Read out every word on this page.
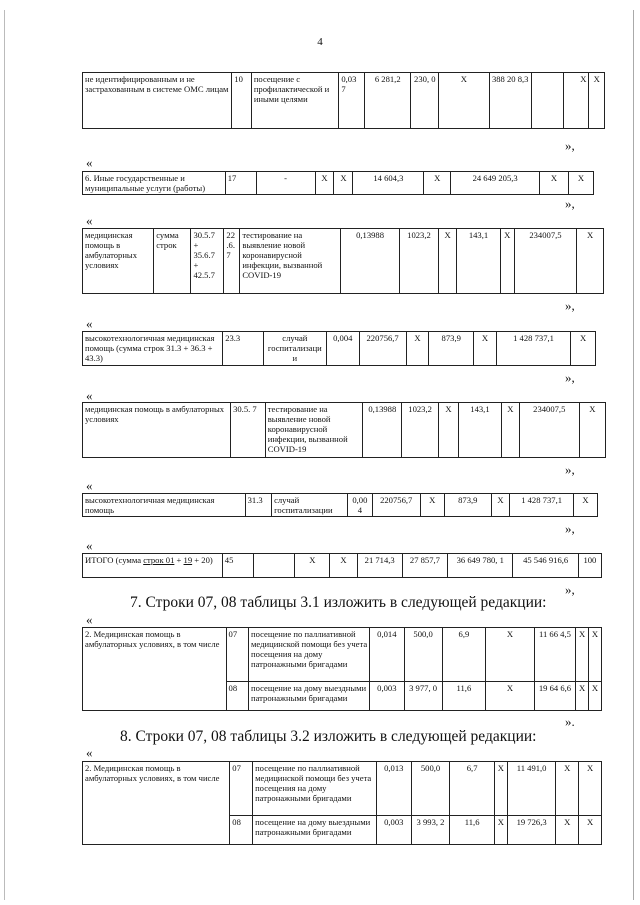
4
не идентифицированным и не застрахованным в системе ОМС лицам	10	посещение с профилактической и иными целями	0,03 7	6 281,2	230, 0	X	388 20 8,3		X	X
»,
«
6. Иные государственные и муниципальные услуги (работы)	17	-	X	X	14 604,3	X	24 649 205,3	X	X
»,
«
медицинская помощь в амбулаторных условиях	сумма строк	30.5.7 + 35.6.7 + 42.5.7	22 .6. 7	тестирование на выявление новой коронавирусной инфекции, вызванной COVID-19	0,13988	1023,2	X	143,1	X	234007,5	X
»,
«
высокотехнологичная медицинская помощь (сумма строк 31.3 + 36.3 + 43.3)	23.3	случай госпитализаци и	0,004	220756,7	X	873,9	X	1 428 737,1	X
»,
«
медицинская помощь в амбулаторных условиях	30.5. 7	тестирование на выявление новой коронавирусной инфекции, вызванной COVID-19	0,13988	1023,2	X	143,1	X	234007,5	X
»,
«
высокотехнологичная медицинская помощь	31.3	случай госпитализации	0,00 4	220756,7	X	873,9	X	1 428 737,1	X
»,
«
ИТОГО (сумма строк 01 + 19 + 20)	45		X	X	21 714,3	27 857,7	36 649 780, 1	45 546 916,6	100
»,
7. Строки 07, 08 таблицы 3.1 изложить в следующей редакции:
«
2. Медицинская помощь в амбулаторных условиях, в том числе	07	посещение по паллиативной медицинской помощи без учета посещения на дому патронажными бригадами	0,014	500,0	6,9	X	11 66 4,5	X	X
	08	посещение на дому выездными патронажными бригадами	0,003	3 977, 0	11,6	X	19 64 6,6	X	X
».
8. Строки 07, 08 таблицы 3.2 изложить в следующей редакции:
«
2. Медицинская помощь в амбулаторных условиях, в том числе	07	посещение по паллиативной медицинской помощи без учета посещения на дому патронажными бригадами	0,013	500,0	6,7	X	11 491,0	X	X
	08	посещение на дому выездными патронажными бригадами	0,003	3 993, 2	11,6	X	19 726,3	X	X
